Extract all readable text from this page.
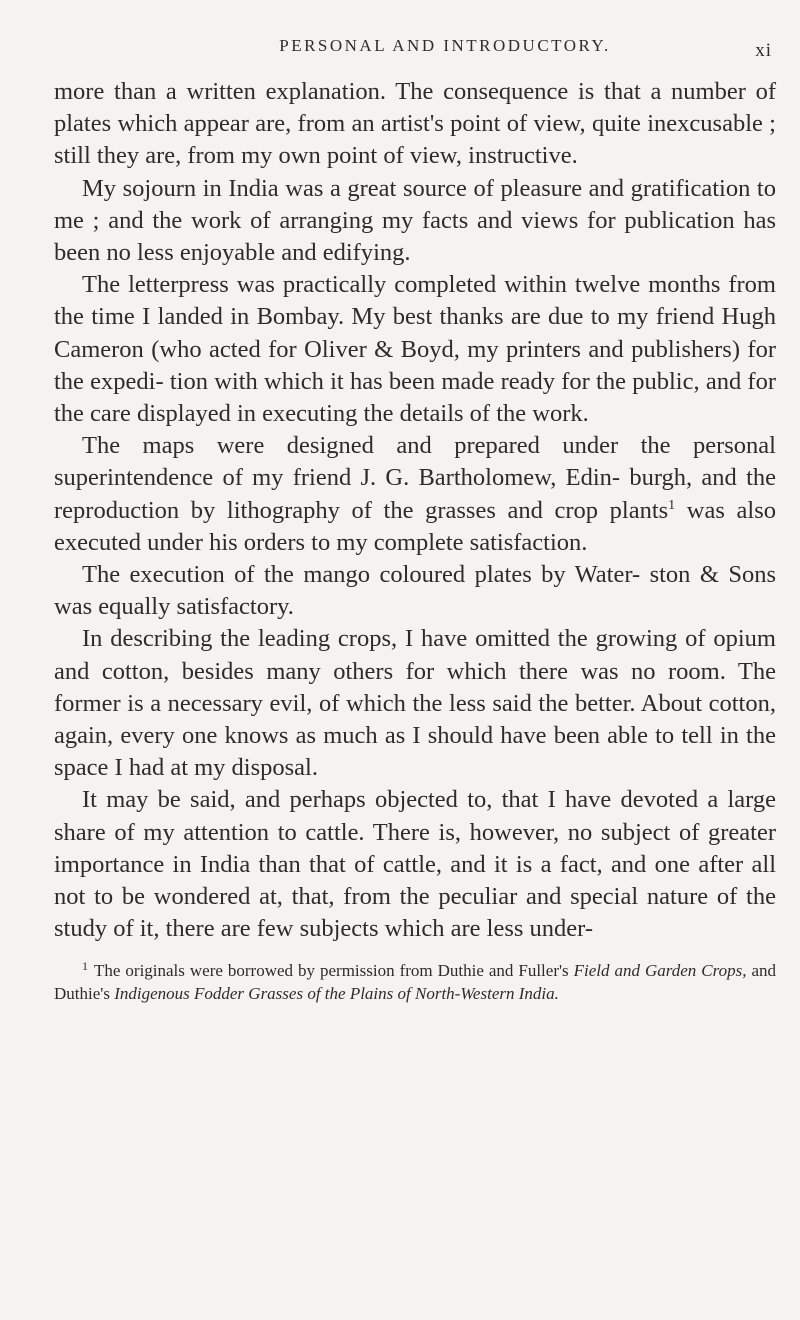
PERSONAL AND INTRODUCTORY.	xi

more than a written explanation. The consequence is that a number of plates which appear are, from an artist's point of view, quite inexcusable ; still they are, from my own point of view, instructive.

My sojourn in India was a great source of pleasure and gratification to me ; and the work of arranging my facts and views for publication has been no less enjoyable and edifying.

The letterpress was practically completed within twelve months from the time I landed in Bombay. My best thanks are due to my friend Hugh Cameron (who acted for Oliver & Boyd, my printers and publishers) for the expedi- tion with which it has been made ready for the public, and for the care displayed in executing the details of the work.

The maps were designed and prepared under the personal superintendence of my friend J. G. Bartholomew, Edin- burgh, and the reproduction by lithography of the grasses and crop plants$^1$ was also executed under his orders to my complete satisfaction.

The execution of the mango coloured plates by Water- ston & Sons was equally satisfactory.

In describing the leading crops, I have omitted the growing of opium and cotton, besides many others for which there was no room. The former is a necessary evil, of which the less said the better. About cotton, again, every one knows as much as I should have been able to tell in the space I had at my disposal.

It may be said, and perhaps objected to, that I have devoted a large share of my attention to cattle. There is, however, no subject of greater importance in India than that of cattle, and it is a fact, and one after all not to be wondered at, that, from the peculiar and special nature of the study of it, there are few subjects which are less under-

$^1$ The originals were borrowed by permission from Duthie and Fuller's Field and Garden Crops, and Duthie's Indigenous Fodder Grasses of the Plains of North-Western India.
